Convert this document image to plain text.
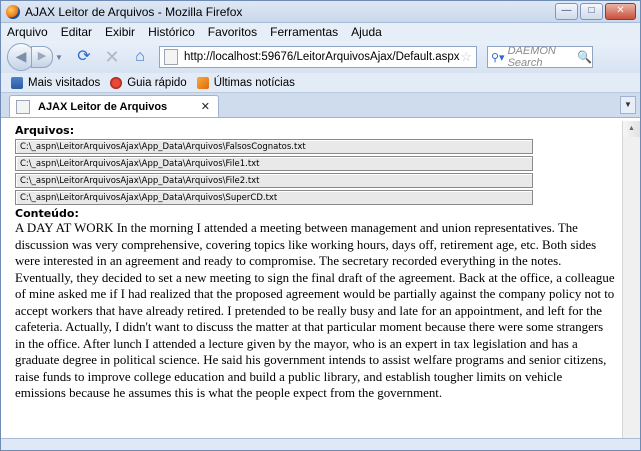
AJAX Leitor de Arquivos - Mozilla Firefox	—	□	✕
Arquivo Editar Exibir Histórico Favoritos Ferramentas Ajuda
◀	▶	▼ ⟳ ✕ ⌂	http://localhost:59676/LeitorArquivosAjax/Default.aspx ☆ ⚲▾
DAEMON Search	🔍
Mais visitados Guia rápido Últimas notícias
AJAX Leitor de Arquivos	✕	▼
Arquivos:
C:\_aspn\LeitorArquivosAjax\App_Data\Arquivos\FalsosCognatos.txt
C:\_aspn\LeitorArquivosAjax\App_Data\Arquivos\File1.txt
C:\_aspn\LeitorArquivosAjax\App_Data\Arquivos\File2.txt
C:\_aspn\LeitorArquivosAjax\App_Data\Arquivos\SuperCD.txt
Conteúdo:
A DAY AT WORK In the morning I attended a meeting between management and union representatives. The discussion was very comprehensive, covering topics like working hours, days off, retirement age, etc. Both sides were interested in an agreement and ready to compromise. The secretary recorded everything in the notes. Eventually, they decided to set a new meeting to sign the final draft of the agreement. Back at the office, a colleague of mine asked me if I had realized that the proposed agreement would be partially against the company policy not to accept workers that have already retired. I pretended to be really busy and late for an appointment, and left for the cafeteria. Actually, I didn't want to discuss the matter at that particular moment because there were some strangers in the office. After lunch I attended a lecture given by the mayor, who is an expert in tax legislation and has a graduate degree in political science. He said his government intends to assist welfare programs and senior citizens, raise funds to improve college education and build a public library, and establish tougher limits on vehicle emissions because he assumes this is what the people expect from the government.
▲
